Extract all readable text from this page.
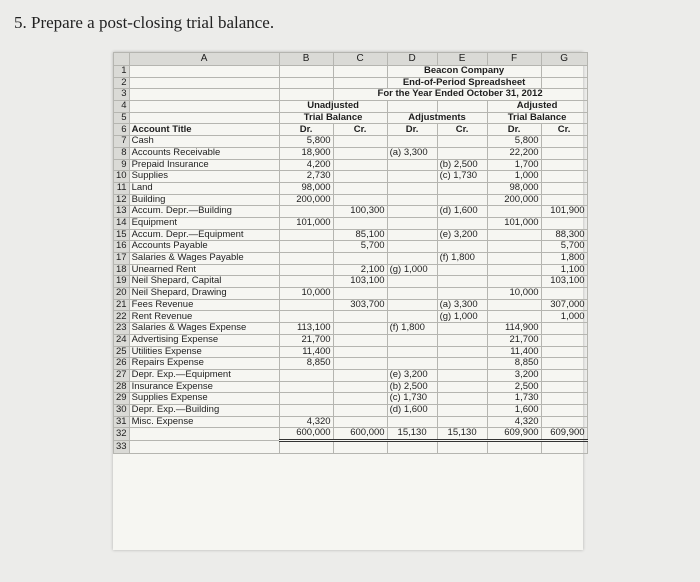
5. Prepare a post-closing trial balance.
	A	B	C	D	E	F	G
1				Beacon Company			
2				End-of-Period Spreadsheet			
3			For the Year Ended October 31, 2012				
4		Unadjusted				Adjusted	
5		Trial Balance		Adjustments		Trial Balance	
6	Account Title	Dr.	Cr.	Dr.	Cr.	Dr.	Cr.
7	Cash	5,800				5,800	
8	Accounts Receivable	18,900		(a) 3,300		22,200	
9	Prepaid Insurance	4,200			(b) 2,500	1,700	
10	Supplies	2,730			(c) 1,730	1,000	
11	Land	98,000				98,000	
12	Building	200,000				200,000	
13	Accum. Depr.—Building		100,300		(d) 1,600		101,900
14	Equipment	101,000				101,000	
15	Accum. Depr.—Equipment		85,100		(e) 3,200		88,300
16	Accounts Payable		5,700				5,700
17	Salaries & Wages Payable				(f) 1,800		1,800
18	Unearned Rent		2,100	(g) 1,000			1,100
19	Neil Shepard, Capital		103,100				103,100
20	Neil Shepard, Drawing	10,000				10,000	
21	Fees Revenue		303,700		(a) 3,300		307,000
22	Rent Revenue				(g) 1,000		1,000
23	Salaries & Wages Expense	113,100		(f) 1,800		114,900	
24	Advertising Expense	21,700				21,700	
25	Utilities Expense	11,400				11,400	
26	Repairs Expense	8,850				8,850	
27	Depr. Exp.—Equipment			(e) 3,200		3,200	
28	Insurance Expense			(b) 2,500		2,500	
29	Supplies Expense			(c) 1,730		1,730	
30	Depr. Exp.—Building			(d) 1,600		1,600	
31	Misc. Expense	4,320				4,320	
32		600,000	600,000	15,130	15,130	609,900	609,900
33							
